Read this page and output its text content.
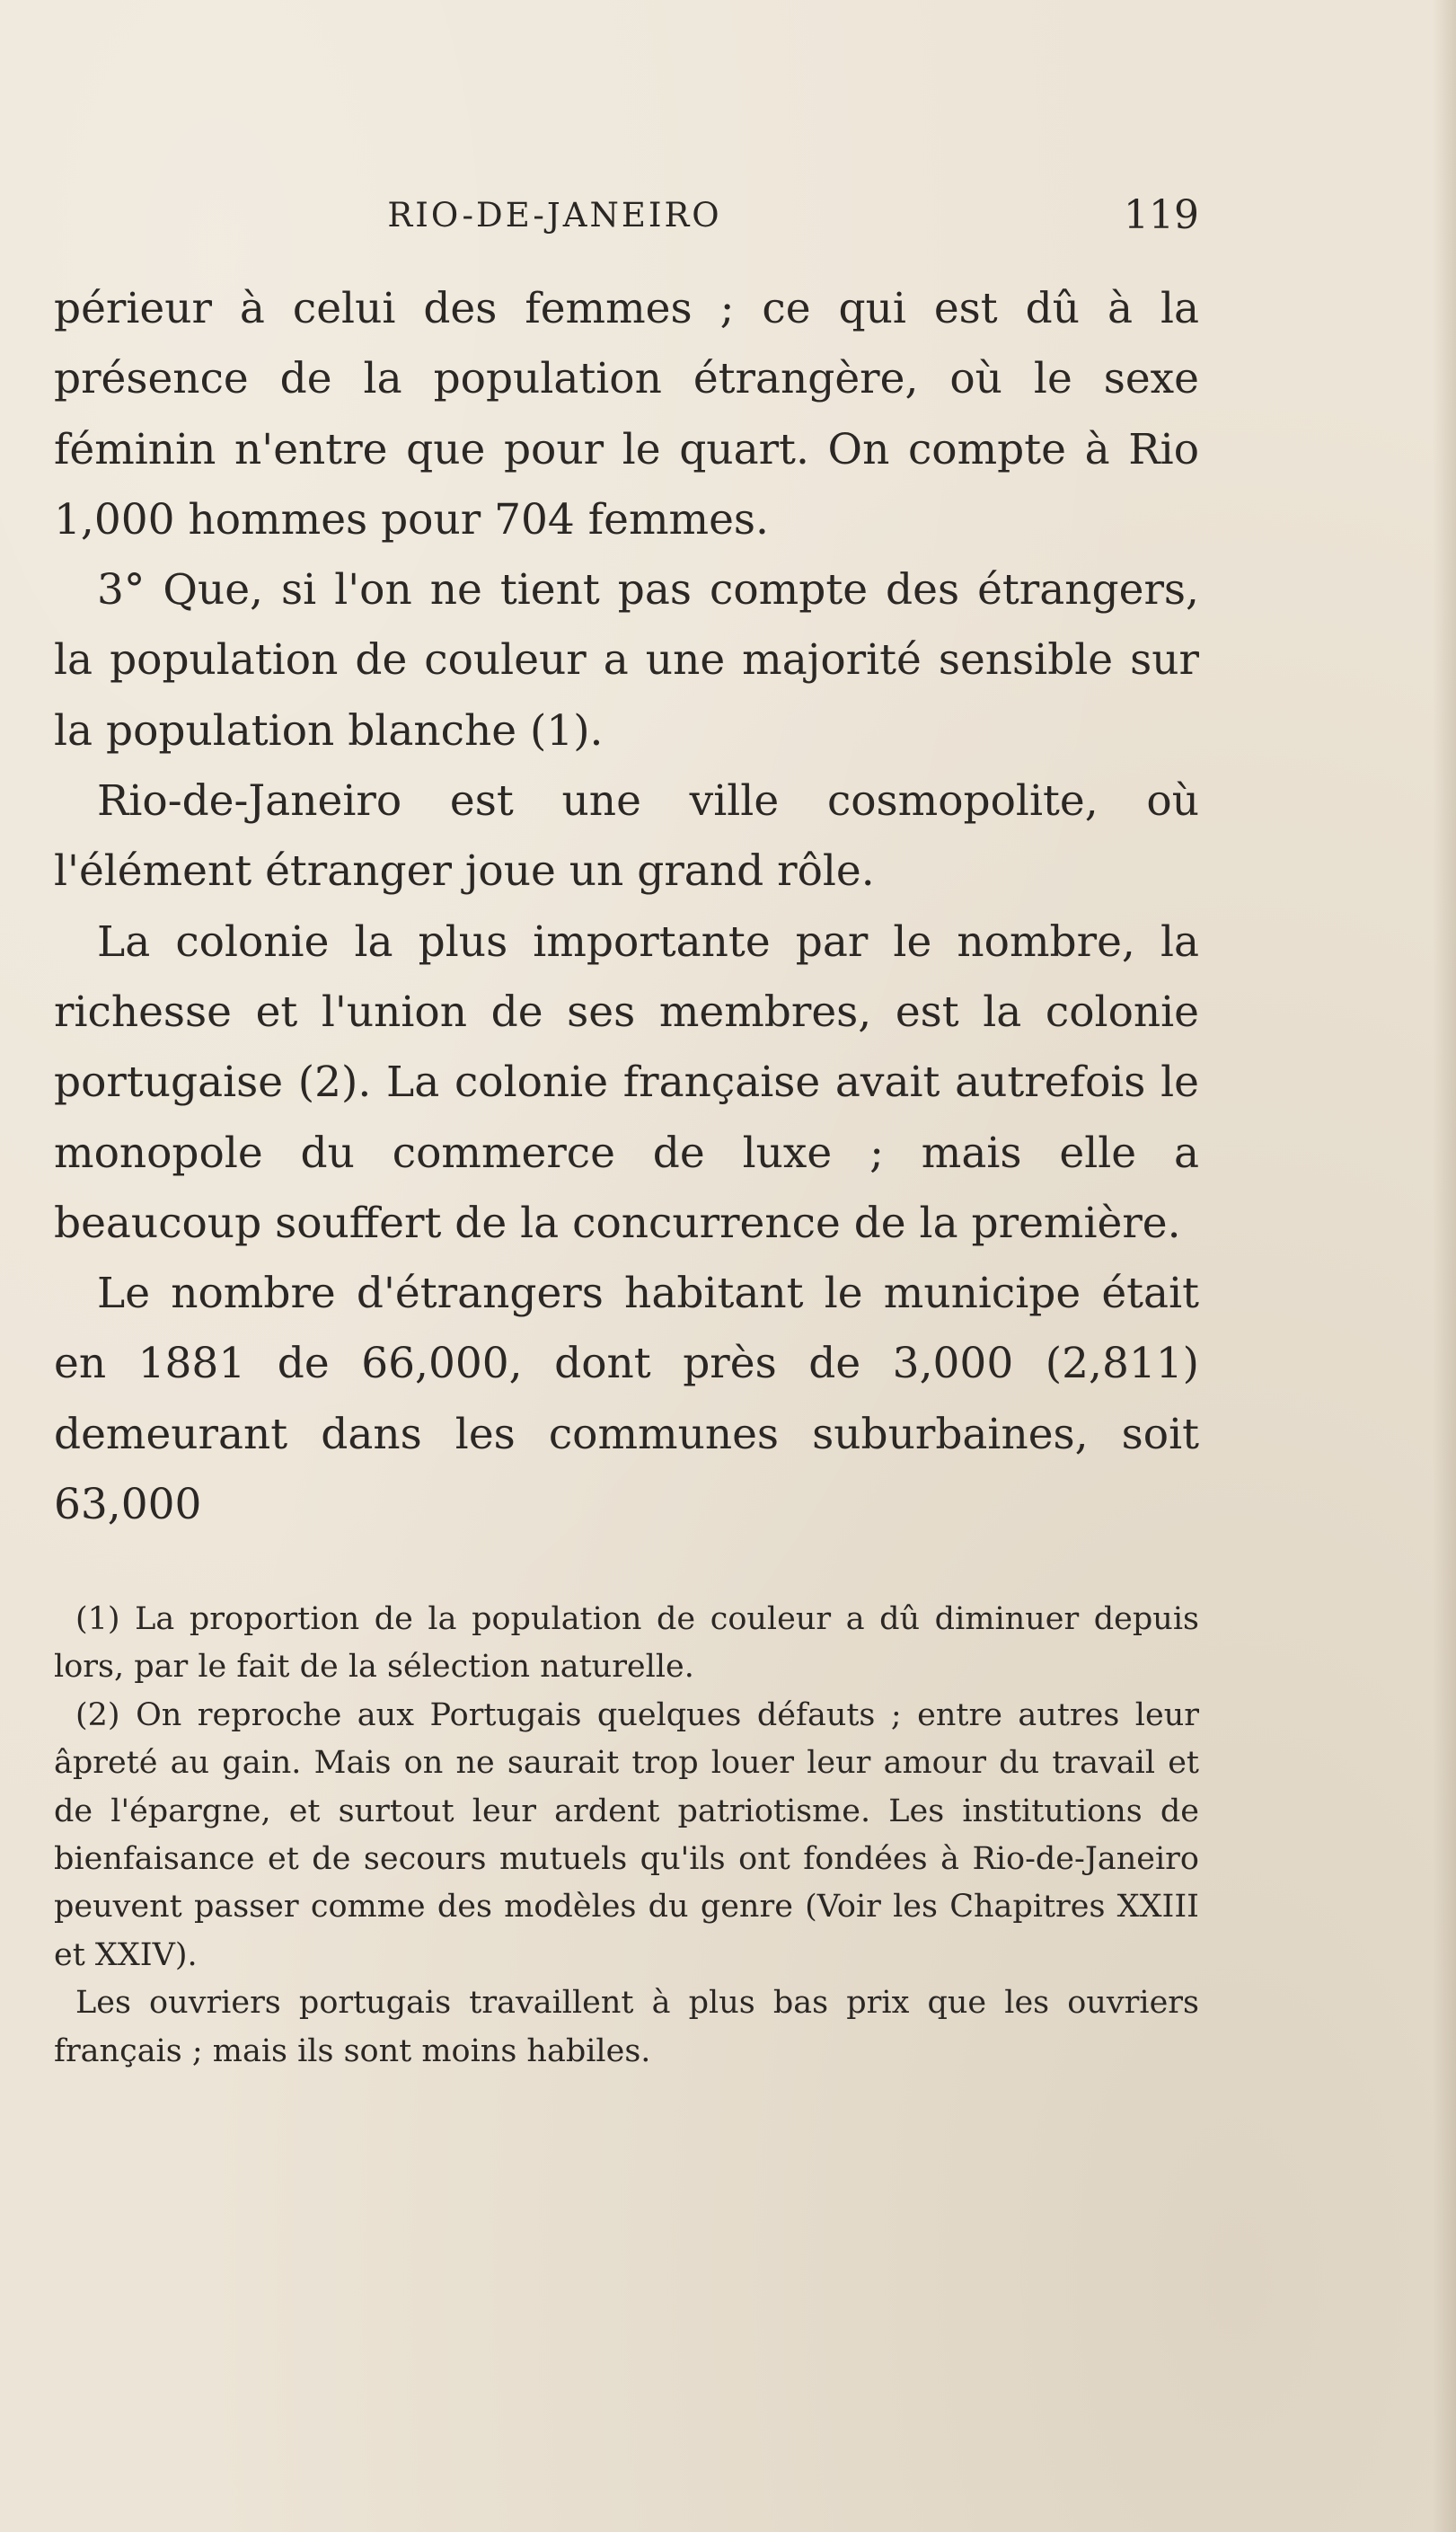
RIO-DE-JANEIRO	119

périeur à celui des femmes ; ce qui est dû à la présence de la population étrangère, où le sexe féminin n'entre que pour le quart. On compte à Rio 1,000 hommes pour 704 femmes.

3° Que, si l'on ne tient pas compte des étrangers, la population de couleur a une majorité sensible sur la population blanche (1).

Rio-de-Janeiro est une ville cosmopolite, où l'élément étranger joue un grand rôle.

La colonie la plus importante par le nombre, la richesse et l'union de ses membres, est la colonie portugaise (2). La colonie française avait autrefois le monopole du commerce de luxe ; mais elle a beaucoup souffert de la concurrence de la première.

Le nombre d'étrangers habitant le municipe était en 1881 de 66,000, dont près de 3,000 (2,811) demeurant dans les communes suburbaines, soit 63,000

(1) La proportion de la population de couleur a dû diminuer depuis lors, par le fait de la sélection naturelle.

(2) On reproche aux Portugais quelques défauts ; entre autres leur âpreté au gain. Mais on ne saurait trop louer leur amour du travail et de l'épargne, et surtout leur ardent patriotisme. Les institutions de bienfaisance et de secours mutuels qu'ils ont fondées à Rio-de-Janeiro peuvent passer comme des modèles du genre (Voir les Chapitres XXIII et XXIV).

Les ouvriers portugais travaillent à plus bas prix que les ouvriers français ; mais ils sont moins habiles.
